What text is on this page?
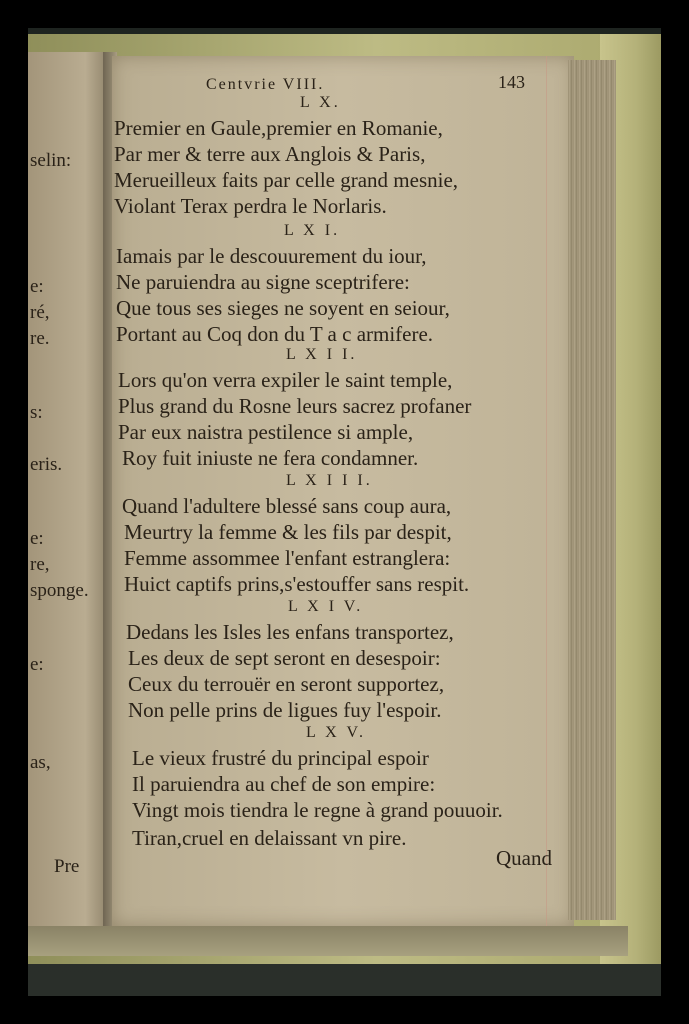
selin:
e:
ré,
re.
s:
eris.
e:
re,
sponge.
e:
as,
Pre
Centvrie VIII.	143
L X.
Premier en Gaule,premier en Romanie,
Par mer & terre aux Anglois & Paris,
Merueilleux faits par celle grand mesnie,
Violant Terax perdra le Norlaris.
L X I.
Iamais par le descouurement du iour,
Ne paruiendra au signe sceptrifere:
Que tous ses sieges ne soyent en seiour,
Portant au Coq don du T a c armifere.
L X I I.
Lors qu'on verra expiler le saint temple,
Plus grand du Rosne leurs sacrez profaner
Par eux naistra pestilence si ample,
Roy fuit iniuste ne fera condamner.
L X I I I.
Quand l'adultere blessé sans coup aura,
Meurtry la femme & les fils par despit,
Femme assommee l'enfant estranglera:
Huict captifs prins,s'estouffer sans respit.
L X I V.
Dedans les Isles les enfans transportez,
Les deux de sept seront en desespoir:
Ceux du terrouër en seront supportez,
Non pelle prins de ligues fuy l'espoir.
L X V.
Le vieux frustré du principal espoir
Il paruiendra au chef de son empire:
Vingt mois tiendra le regne à grand pouuoir.
Tiran,cruel en delaissant vn pire.
Quand
